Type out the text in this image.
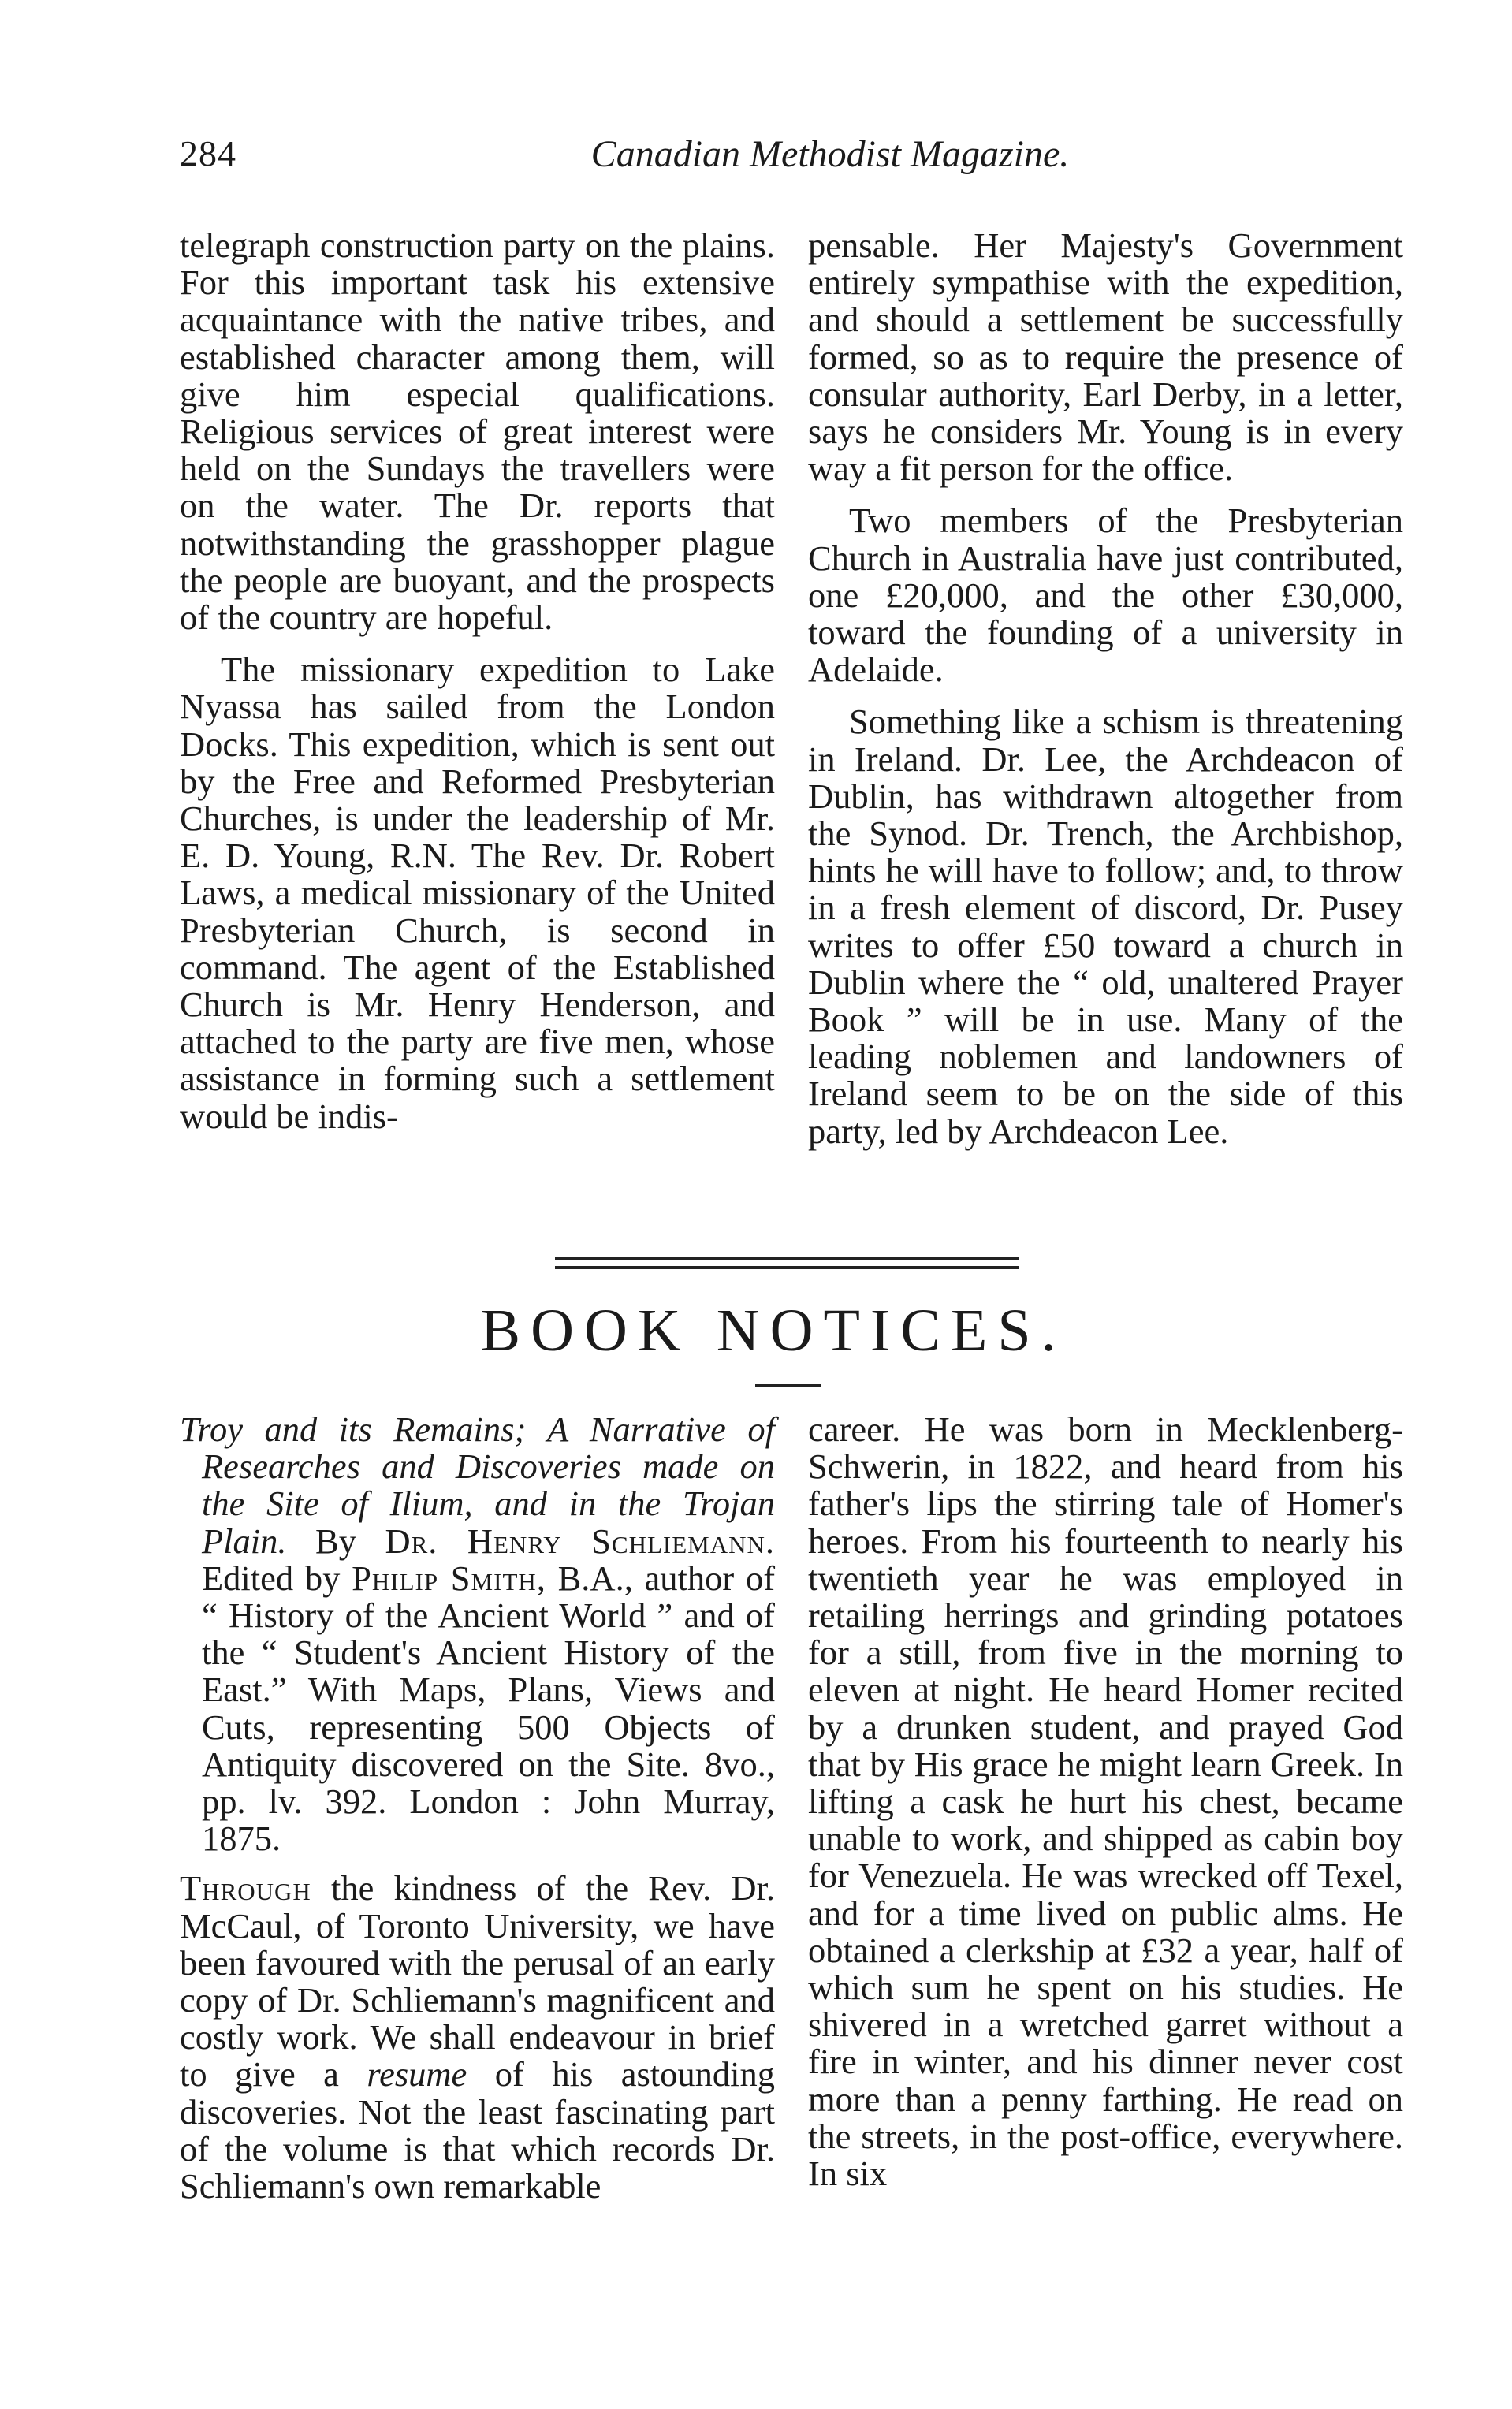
284	Canadian Methodist Magazine.

telegraph construction party on the plains. For this important task his extensive acquaintance with the native tribes, and established character among them, will give him especial qualifications. Religious services of great interest were held on the Sundays the travellers were on the water. The Dr. reports that notwithstanding the grasshopper plague the people are buoyant, and the prospects of the country are hopeful.

The missionary expedition to Lake Nyassa has sailed from the London Docks. This expedition, which is sent out by the Free and Reformed Presbyterian Churches, is under the leadership of Mr. E. D. Young, R.N. The Rev. Dr. Robert Laws, a medical missionary of the United Presbyterian Church, is second in command. The agent of the Established Church is Mr. Henry Henderson, and attached to the party are five men, whose assistance in forming such a settlement would be indis-

pensable. Her Majesty's Government entirely sympathise with the expedition, and should a settlement be successfully formed, so as to require the presence of consular authority, Earl Derby, in a letter, says he considers Mr. Young is in every way a fit person for the office.

Two members of the Presbyterian Church in Australia have just contributed, one £20,000, and the other £30,000, toward the founding of a university in Adelaide.

Something like a schism is threatening in Ireland. Dr. Lee, the Archdeacon of Dublin, has withdrawn altogether from the Synod. Dr. Trench, the Archbishop, hints he will have to follow; and, to throw in a fresh element of discord, Dr. Pusey writes to offer £50 toward a church in Dublin where the “ old, unaltered Prayer Book ” will be in use. Many of the leading noblemen and landowners of Ireland seem to be on the side of this party, led by Archdeacon Lee.

BOOK NOTICES.
Troy and its Remains; A Narrative of Researches and Discoveries made on the Site of Ilium, and in the Trojan Plain. By Dr. Henry Schliemann. Edited by Philip Smith, B.A., author of “ History of the Ancient World ” and of the “ Student's Ancient History of the East.” With Maps, Plans, Views and Cuts, representing 500 Objects of Antiquity discovered on the Site. 8vo., pp. lv. 392. London : John Murray, 1875.

Through the kindness of the Rev. Dr. McCaul, of Toronto University, we have been favoured with the perusal of an early copy of Dr. Schliemann's magnificent and costly work. We shall endeavour in brief to give a resume of his astounding discoveries. Not the least fascinating part of the volume is that which records Dr. Schliemann's own remarkable

career. He was born in Mecklenberg-Schwerin, in 1822, and heard from his father's lips the stirring tale of Homer's heroes. From his fourteenth to nearly his twentieth year he was employed in retailing herrings and grinding potatoes for a still, from five in the morning to eleven at night. He heard Homer recited by a drunken student, and prayed God that by His grace he might learn Greek. In lifting a cask he hurt his chest, became unable to work, and shipped as cabin boy for Venezuela. He was wrecked off Texel, and for a time lived on public alms. He obtained a clerkship at £32 a year, half of which sum he spent on his studies. He shivered in a wretched garret without a fire in winter, and his dinner never cost more than a penny farthing. He read on the streets, in the post-office, everywhere. In six
